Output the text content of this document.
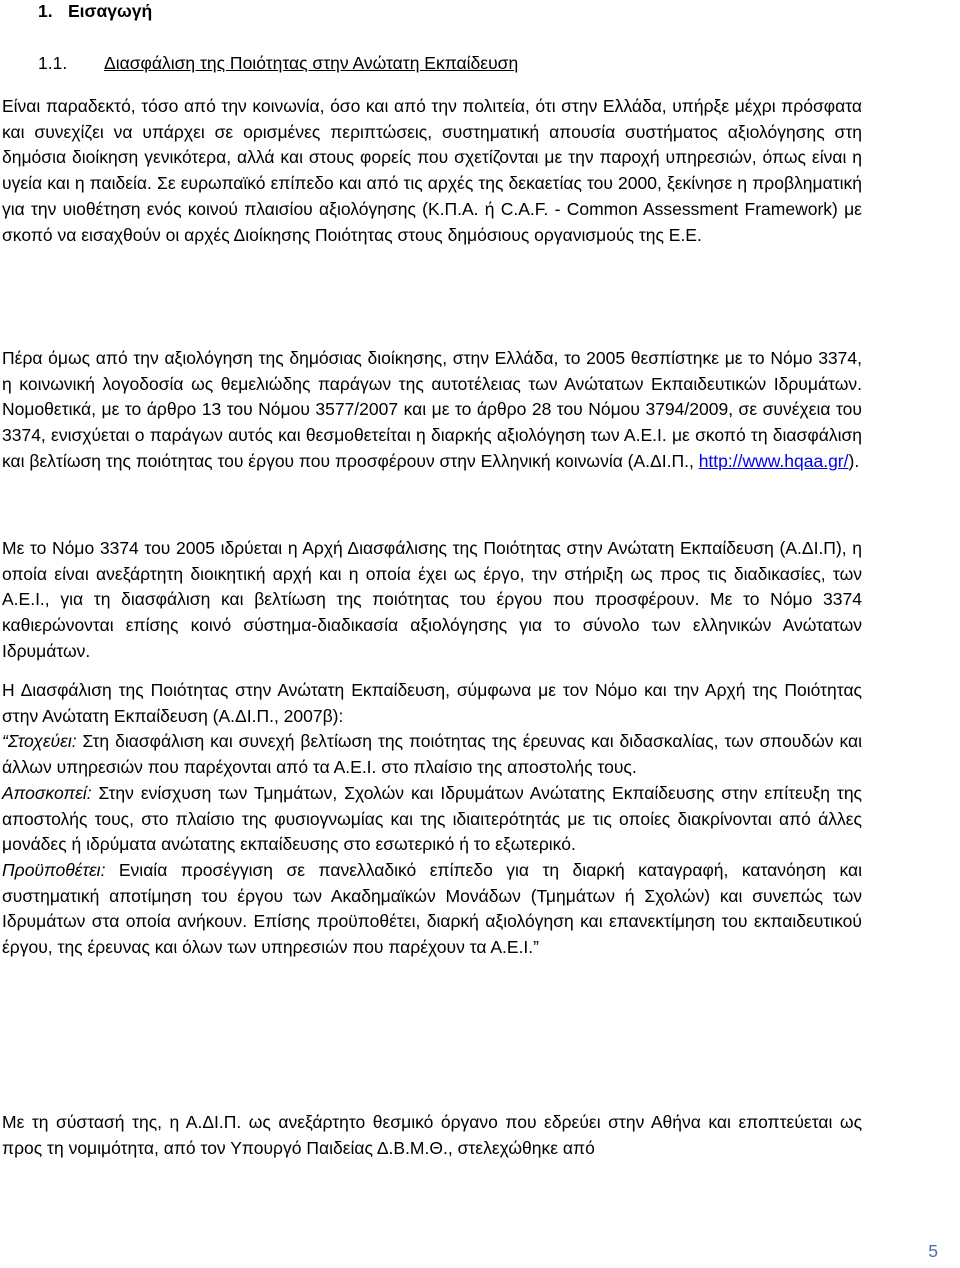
1. Εισαγωγή
1.1. Διασφάλιση της Ποιότητας στην Ανώτατη Εκπαίδευση

Είναι παραδεκτό, τόσο από την κοινωνία, όσο και από την πολιτεία, ότι στην Ελλάδα, υπήρξε μέχρι πρόσφατα και συνεχίζει να υπάρχει σε ορισμένες περιπτώσεις, συστηματική απουσία συστήματος αξιολόγησης στη δημόσια διοίκηση γενικότερα, αλλά και στους φορείς που σχετίζονται με την παροχή υπηρεσιών, όπως είναι η υγεία και η παιδεία. Σε ευρωπαϊκό επίπεδο και από τις αρχές της δεκαετίας του 2000, ξεκίνησε η προβληματική για την υιοθέτηση ενός κοινού πλαισίου αξιολόγησης (Κ.Π.Α. ή C.A.F. - Common Assessment Framework) με σκοπό να εισαχθούν οι αρχές Διοίκησης Ποιότητας στους δημόσιους οργανισμούς της Ε.Ε.

Πέρα όμως από την αξιολόγηση της δημόσιας διοίκησης, στην Ελλάδα, το 2005 θεσπίστηκε με το Νόμο 3374, η κοινωνική λογοδοσία ως θεμελιώδης παράγων της αυτοτέλειας των Ανώτατων Εκπαιδευτικών Ιδρυμάτων. Νομοθετικά, με το άρθρο 13 του Νόμου 3577/2007 και με το άρθρο 28 του Νόμου 3794/2009, σε συνέχεια του 3374, ενισχύεται ο παράγων αυτός και θεσμοθετείται η διαρκής αξιολόγηση των Α.Ε.Ι. με σκοπό τη διασφάλιση και βελτίωση της ποιότητας του έργου που προσφέρουν στην Ελληνική κοινωνία (Α.ΔΙ.Π., http://www.hqaa.gr/).

Με το Νόμο 3374 του 2005 ιδρύεται η Αρχή Διασφάλισης της Ποιότητας στην Ανώτατη Εκπαίδευση (Α.ΔΙ.Π), η οποία είναι ανεξάρτητη διοικητική αρχή και η οποία έχει ως έργο, την στήριξη ως προς τις διαδικασίες, των Α.Ε.Ι., για τη διασφάλιση και βελτίωση της ποιότητας του έργου που προσφέρουν. Με το Νόμο 3374 καθιερώνονται επίσης κοινό σύστημα-διαδικασία αξιολόγησης για το σύνολο των ελληνικών Ανώτατων Ιδρυμάτων.

Η Διασφάλιση της Ποιότητας στην Ανώτατη Εκπαίδευση, σύμφωνα με τον Νόμο και την Αρχή της Ποιότητας στην Ανώτατη Εκπαίδευση (Α.ΔΙ.Π., 2007β):

“Στοχεύει: Στη διασφάλιση και συνεχή βελτίωση της ποιότητας της έρευνας και διδασκαλίας, των σπουδών και άλλων υπηρεσιών που παρέχονται από τα Α.Ε.Ι. στο πλαίσιο της αποστολής τους.

Αποσκοπεί: Στην ενίσχυση των Τμημάτων, Σχολών και Ιδρυμάτων Ανώτατης Εκπαίδευσης στην επίτευξη της αποστολής τους, στο πλαίσιο της φυσιογνωμίας και της ιδιαιτερότητάς με τις οποίες διακρίνονται από άλλες μονάδες ή ιδρύματα ανώτατης εκπαίδευσης στο εσωτερικό ή το εξωτερικό.

Προϋποθέτει: Ενιαία προσέγγιση σε πανελλαδικό επίπεδο για τη διαρκή καταγραφή, κατανόηση και συστηματική αποτίμηση του έργου των Ακαδημαϊκών Μονάδων (Τμημάτων ή Σχολών) και συνεπώς των Ιδρυμάτων στα οποία ανήκουν. Επίσης προϋποθέτει, διαρκή αξιολόγηση και επανεκτίμηση του εκπαιδευτικού έργου, της έρευνας και όλων των υπηρεσιών που παρέχουν τα Α.Ε.Ι.”

Με τη σύστασή της, η Α.ΔΙ.Π. ως ανεξάρτητο θεσμικό όργανο που εδρεύει στην Αθήνα και εποπτεύεται ως προς τη νομιμότητα, από τον Υπουργό Παιδείας Δ.Β.Μ.Θ., στελεχώθηκε από

5
